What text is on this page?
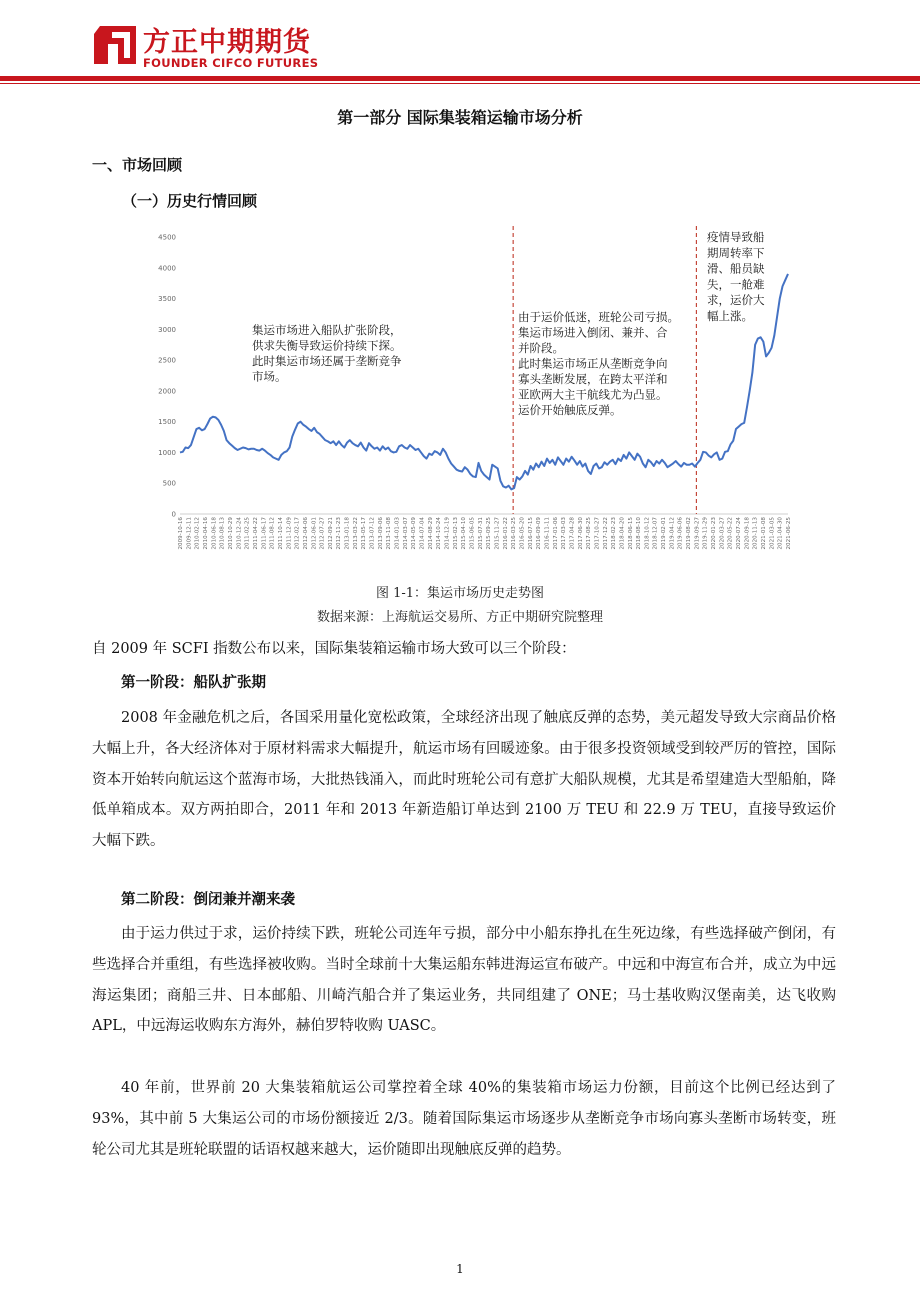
方正中期期货
FOUNDER CIFCO FUTURES
第一部分 国际集装箱运输市场分析
一、市场回顾
（一）历史行情回顾
0
500
1000
1500
2000
2500
3000
3500
4000
4500
2009-10-16 2009-12-11 2010-02-12 2010-04-16 2010-06-18 2010-08-13 2010-10-29 2010-12-24 2011-02-25 2011-04-22 2011-06-17 2011-08-12 2011-10-14 2011-12-09 2012-02-17 2012-04-06 2012-06-01 2012-07-27 2012-09-21 2012-11-23 2013-01-18 2013-03-22 2013-05-17 2013-07-12 2013-09-06 2013-11-08 2014-01-03 2014-03-07 2014-05-09 2014-07-04 2014-08-29 2014-10-24 2014-12-19 2015-02-13 2015-04-10 2015-06-05 2015-07-31 2015-09-25 2015-11-27 2016-01-22 2016-03-25 2016-05-20 2016-07-15 2016-09-09 2016-11-11 2017-01-06 2017-03-03 2017-04-28 2017-06-30 2017-08-25 2017-10-27 2017-12-22 2018-02-23 2018-04-20 2018-06-15 2018-08-10 2018-10-12 2018-12-07 2019-02-01 2019-04-12 2019-06-06 2019-08-02 2019-09-27 2019-11-29 2020-01-23 2020-03-27 2020-05-22 2020-07-24 2020-09-18 2020-11-13 2021-01-08 2021-03-05 2021-04-30 2021-06-25
集运市场进入船队扩张阶段，
供求失衡导致运价持续下探。
此时集运市场还属于垄断竞争
市场。
由于运价低迷，班轮公司亏损。
集运市场进入倒闭、兼并、合
并阶段。
此时集运市场正从垄断竞争向
寡头垄断发展，在跨太平洋和
亚欧两大主干航线尤为凸显。
运价开始触底反弹。
疫情导致船
期周转率下
滑、船员缺
失，一舱难
求，运价大
幅上涨。
图 1-1：集运市场历史走势图
数据来源：上海航运交易所、方正中期研究院整理
自 2009 年 SCFI 指数公布以来，国际集装箱运输市场大致可以三个阶段：
第一阶段：船队扩张期
2008 年金融危机之后，各国采用量化宽松政策，全球经济出现了触底反弹的态势，美元超发导致大宗商品价格大幅上升，各大经济体对于原材料需求大幅提升，航运市场有回暖迹象。由于很多投资领域受到较严厉的管控，国际资本开始转向航运这个蓝海市场，大批热钱涌入，而此时班轮公司有意扩大船队规模，尤其是希望建造大型船舶，降低单箱成本。双方两拍即合，2011 年和 2013 年新造船订单达到 2100 万 TEU 和 22.9 万 TEU，直接导致运价大幅下跌。
第二阶段：倒闭兼并潮来袭
由于运力供过于求，运价持续下跌，班轮公司连年亏损，部分中小船东挣扎在生死边缘，有些选择破产倒闭，有些选择合并重组，有些选择被收购。当时全球前十大集运船东韩进海运宣布破产。中远和中海宣布合并，成立为中远海运集团；商船三井、日本邮船、川崎汽船合并了集运业务，共同组建了 ONE；马士基收购汉堡南美，达飞收购 APL，中远海运收购东方海外，赫伯罗特收购 UASC。
40 年前，世界前 20 大集装箱航运公司掌控着全球 40%的集装箱市场运力份额，目前这个比例已经达到了 93%，其中前 5 大集运公司的市场份额接近 2/3。随着国际集运市场逐步从垄断竞争市场向寡头垄断市场转变，班轮公司尤其是班轮联盟的话语权越来越大，运价随即出现触底反弹的趋势。
1
